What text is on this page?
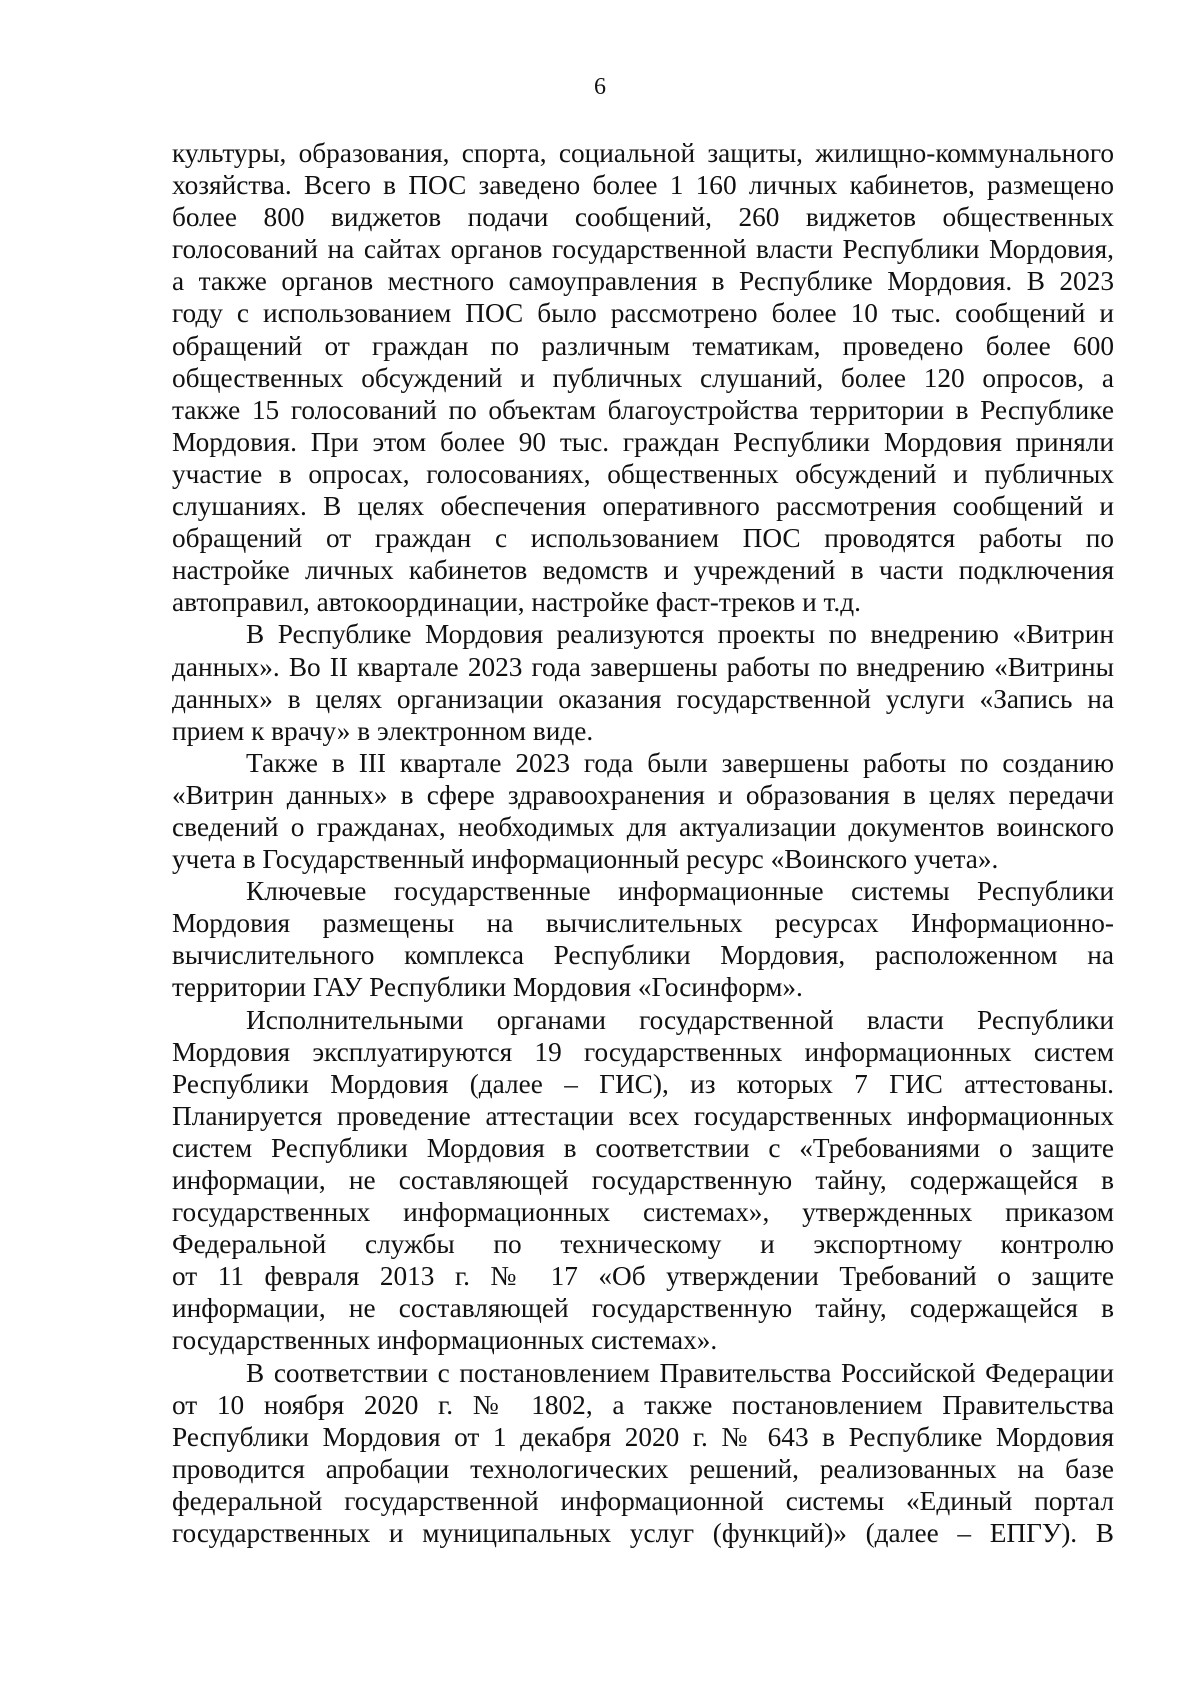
6
культуры, образования, спорта, социальной защиты, жилищно-коммунального
хозяйства. Всего в ПОС заведено более 1 160 личных кабинетов, размещено
более 800 виджетов подачи сообщений, 260 виджетов общественных
голосований на сайтах органов государственной власти Республики Мордовия,
а также органов местного самоуправления в Республике Мордовия. В 2023
году с использованием ПОС было рассмотрено более 10 тыс. сообщений и
обращений от граждан по различным тематикам, проведено более 600
общественных обсуждений и публичных слушаний, более 120 опросов, а
также 15 голосований по объектам благоустройства территории в Республике
Мордовия. При этом более 90 тыс. граждан Республики Мордовия приняли
участие в опросах, голосованиях, общественных обсуждений и публичных
слушаниях. В целях обеспечения оперативного рассмотрения сообщений и
обращений от граждан с использованием ПОС проводятся работы по
настройке личных кабинетов ведомств и учреждений в части подключения
автоправил, автокоординации, настройке фаст-треков и т.д.
В Республике Мордовия реализуются проекты по внедрению «Витрин
данных». Во II квартале 2023 года завершены работы по внедрению «Витрины
данных» в целях организации оказания государственной услуги «Запись на
прием к врачу» в электронном виде.
Также в III квартале 2023 года были завершены работы по созданию
«Витрин данных» в сфере здравоохранения и образования в целях передачи
сведений о гражданах, необходимых для актуализации документов воинского
учета в Государственный информационный ресурс «Воинского учета».
Ключевые государственные информационные системы Республики
Мордовия размещены на вычислительных ресурсах Информационно-
вычислительного комплекса Республики Мордовия, расположенном на
территории ГАУ Республики Мордовия «Госинформ».
Исполнительными органами государственной власти Республики
Мордовия эксплуатируются 19 государственных информационных систем
Республики Мордовия (далее – ГИС), из которых 7 ГИС аттестованы.
Планируется проведение аттестации всех государственных информационных
систем Республики Мордовия в соответствии с «Требованиями о защите
информации, не составляющей государственную тайну, содержащейся в
государственных информационных системах», утвержденных приказом
Федеральной службы по техническому и экспортному контролю
от 11 февраля 2013 г. № 17 «Об утверждении Требований о защите
информации, не составляющей государственную тайну, содержащейся в
государственных информационных системах».
В соответствии с постановлением Правительства Российской Федерации
от 10 ноября 2020 г. № 1802, а также постановлением Правительства
Республики Мордовия от 1 декабря 2020 г. № 643 в Республике Мордовия
проводится апробации технологических решений, реализованных на базе
федеральной государственной информационной системы «Единый портал
государственных и муниципальных услуг (функций)» (далее – ЕПГУ). В
